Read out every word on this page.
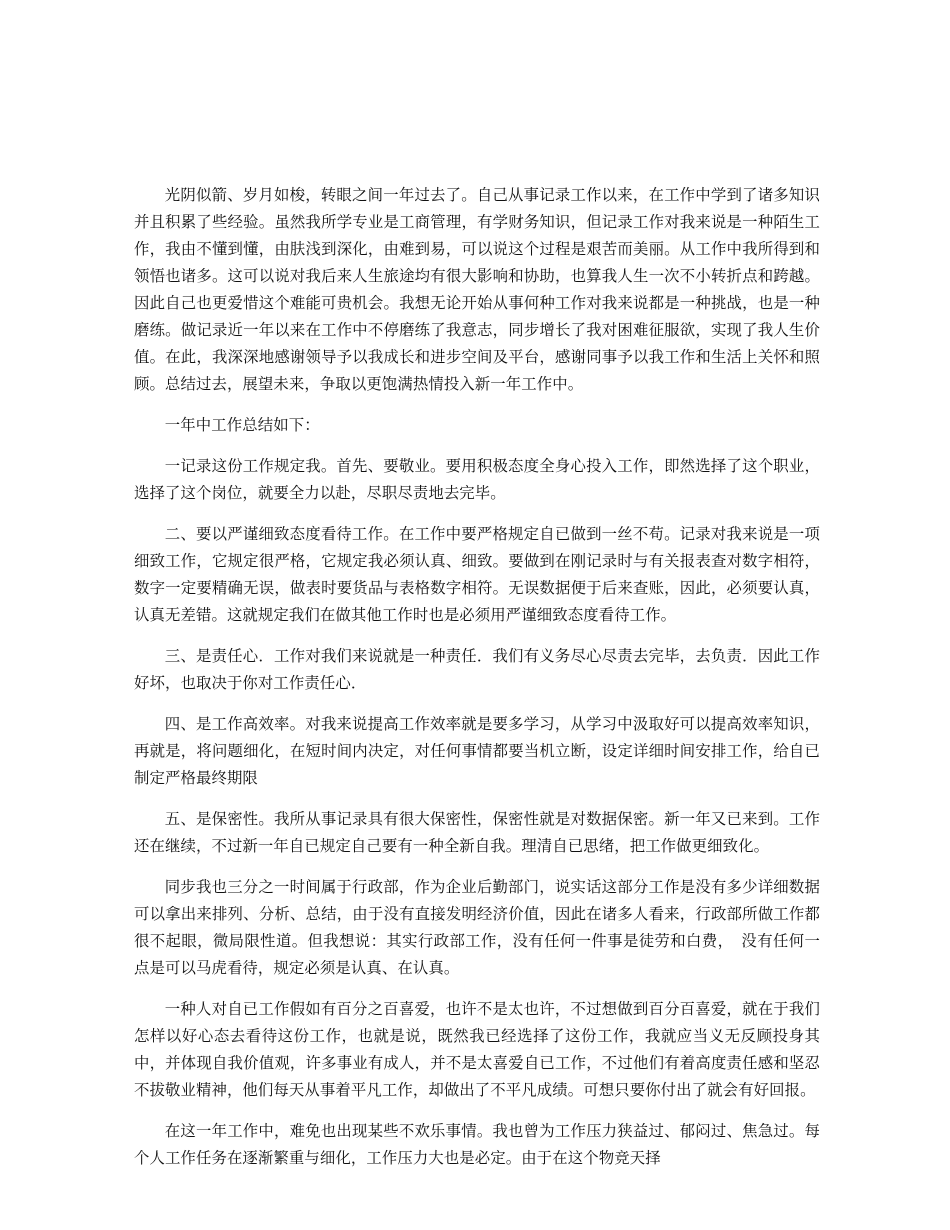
光阴似箭、岁月如梭，转眼之间一年过去了。自己从事记录工作以来，在工作中学到了诸多知识并且积累了些经验。虽然我所学专业是工商管理，有学财务知识，但记录工作对我来说是一种陌生工作，我由不懂到懂，由肤浅到深化，由难到易，可以说这个过程是艰苦而美丽。从工作中我所得到和领悟也诸多。这可以说对我后来人生旅途均有很大影响和协助，也算我人生一次不小转折点和跨越。因此自己也更爱惜这个难能可贵机会。我想无论开始从事何种工作对我来说都是一种挑战，也是一种磨练。做记录近一年以来在工作中不停磨练了我意志，同步增长了我对困难征服欲，实现了我人生价值。在此，我深深地感谢领导予以我成长和进步空间及平台，感谢同事予以我工作和生活上关怀和照顾。总结过去，展望未来，争取以更饱满热情投入新一年工作中。

一年中工作总结如下：

一记录这份工作规定我。首先、要敬业。要用积极态度全身心投入工作，即然选择了这个职业，选择了这个岗位，就要全力以赴，尽职尽责地去完毕。

二、要以严谨细致态度看待工作。在工作中要严格规定自已做到一丝不苟。记录对我来说是一项细致工作，它规定很严格，它规定我必须认真、细致。要做到在刚记录时与有关报表查对数字相符，数字一定要精确无误，做表时要货品与表格数字相符。无误数据便于后来查账，因此，必须要认真，认真无差错。这就规定我们在做其他工作时也是必须用严谨细致态度看待工作。

三、是责任心．工作对我们来说就是一种责任．我们有义务尽心尽责去完毕，去负责．因此工作好坏，也取决于你对工作责任心．

四、是工作高效率。对我来说提高工作效率就是要多学习，从学习中汲取好可以提高效率知识，再就是，将问题细化，在短时间内决定，对任何事情都要当机立断，设定详细时间安排工作，给自已制定严格最终期限

五、是保密性。我所从事记录具有很大保密性，保密性就是对数据保密。新一年又已来到。工作还在继续，不过新一年自已规定自己要有一种全新自我。理清自已思绪，把工作做更细致化。

同步我也三分之一时间属于行政部，作为企业后勤部门，说实话这部分工作是没有多少详细数据可以拿出来排列、分析、总结，由于没有直接发明经济价值，因此在诸多人看来，行政部所做工作都很不起眼，微局限性道。但我想说：其实行政部工作，没有任何一件事是徒劳和白费，　没有任何一点是可以马虎看待，规定必须是认真、在认真。

一种人对自已工作假如有百分之百喜爱，也许不是太也许，不过想做到百分百喜爱，就在于我们怎样以好心态去看待这份工作，也就是说，既然我已经选择了这份工作，我就应当义无反顾投身其中，并体现自我价值观，许多事业有成人，并不是太喜爱自已工作，不过他们有着高度责任感和坚忍不拔敬业精神，他们每天从事着平凡工作，却做出了不平凡成绩。可想只要你付出了就会有好回报。

在这一年工作中，难免也出现某些不欢乐事情。我也曾为工作压力狭益过、郁闷过、焦急过。每个人工作任务在逐渐繁重与细化，工作压力大也是必定。由于在这个物竞天择
